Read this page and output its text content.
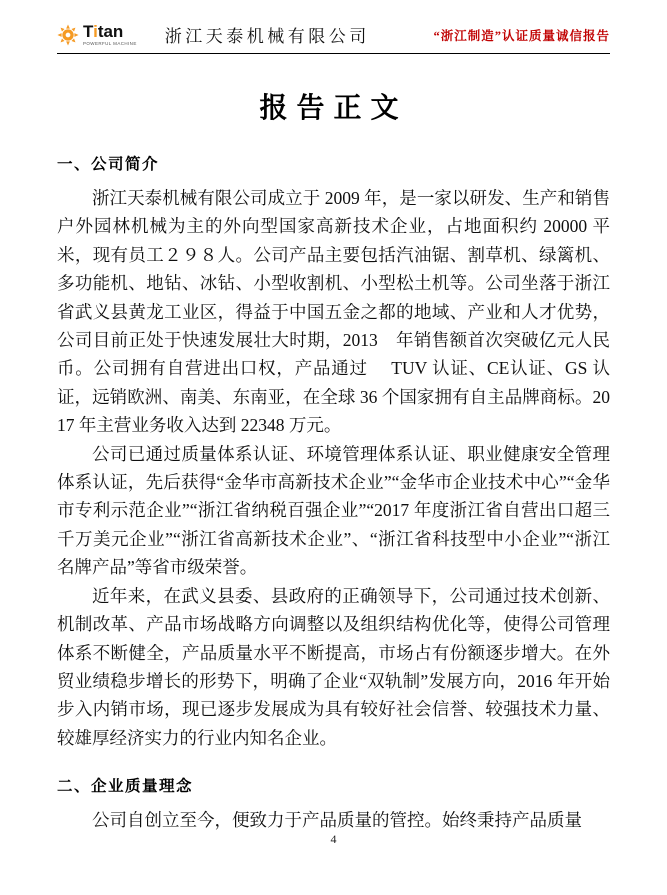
Titan
POWERFUL MACHINE 浙江天泰机械有限公司	“浙江制造”认证质量诚信报告
报告正文
一、公司简介

浙江天泰机械有限公司成立于 2009 年，是一家以研发、生产和销售户外园林机械为主的外向型国家高新技术企业，占地面积约 20000 平米，现有员工２９８人。公司产品主要包括汽油锯、割草机、绿篱机、多功能机、地钻、冰钻、小型收割机、小型松土机等。公司坐落于浙江省武义县黄龙工业区，得益于中国五金之都的地域、产业和人才优势，公司目前正处于快速发展壮大时期，2013　年销售额首次突破亿元人民币。公司拥有自营进出口权，产品通过　 TUV 认证、CE认证、GS 认证，远销欧洲、南美、东南亚，在全球 36 个国家拥有自主品牌商标。2017 年主营业务收入达到 22348 万元。

公司已通过质量体系认证、环境管理体系认证、职业健康安全管理体系认证，先后获得“金华市高新技术企业”“金华市企业技术中心”“金华市专利示范企业”“浙江省纳税百强企业”“2017 年度浙江省自营出口超三千万美元企业”“浙江省高新技术企业”、“浙江省科技型中小企业”“浙江名牌产品”等省市级荣誉。

近年来，在武义县委、县政府的正确领导下，公司通过技术创新、机制改革、产品市场战略方向调整以及组织结构优化等，使得公司管理体系不断健全，产品质量水平不断提高，市场占有份额逐步增大。在外贸业绩稳步增长的形势下，明确了企业“双轨制”发展方向，2016 年开始步入内销市场，现已逐步发展成为具有较好社会信誉、较强技术力量、较雄厚经济实力的行业内知名企业。

二、企业质量理念

公司自创立至今，便致力于产品质量的管控。始终秉持产品质量

4
